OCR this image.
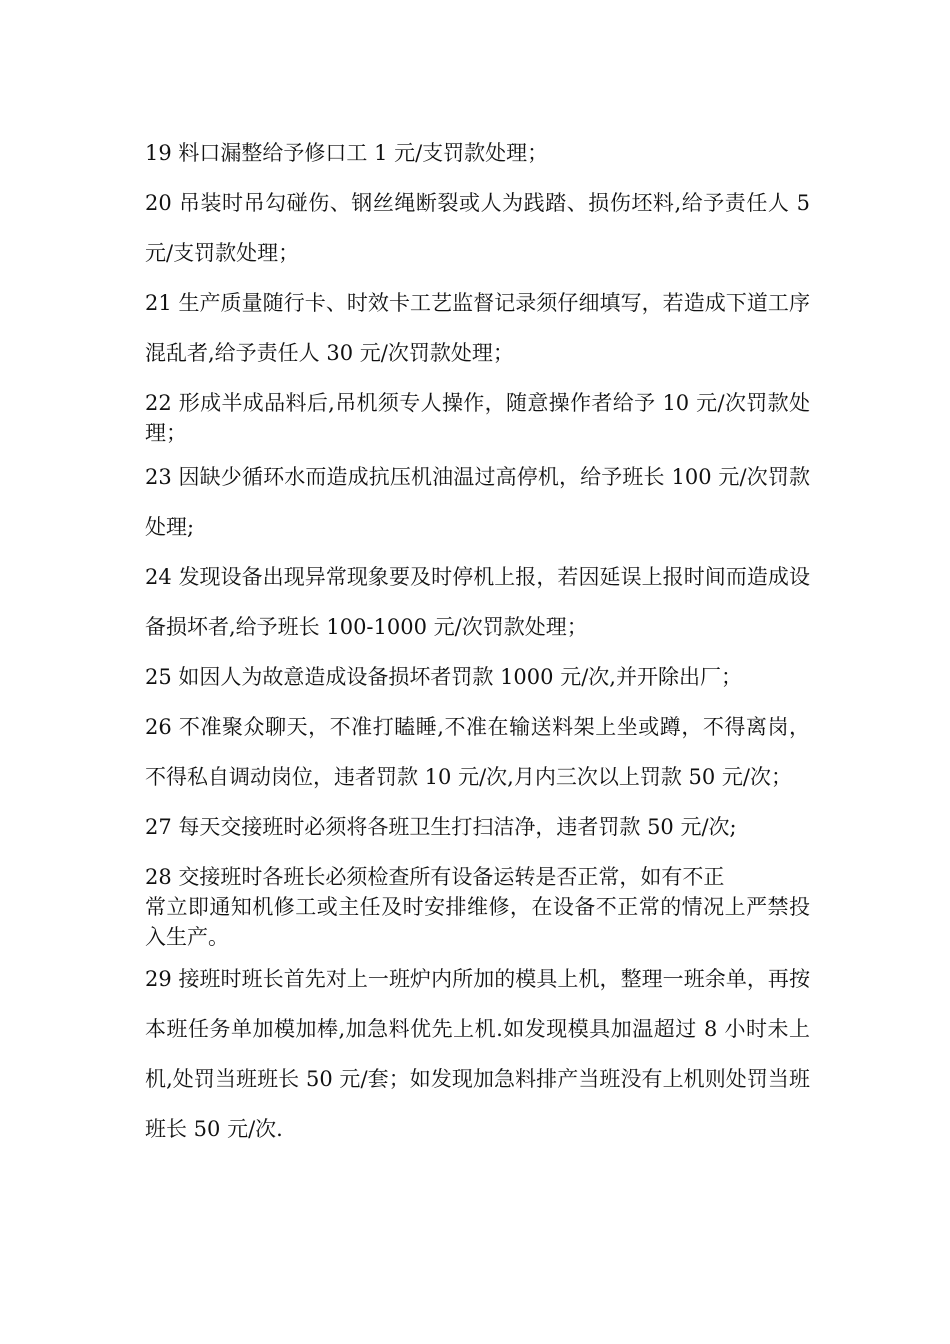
19 料口漏整给予修口工 1 元/支罚款处理；

20 吊装时吊勾碰伤、钢丝绳断裂或人为践踏、损伤坯料,给予责任人 5 元/支罚款处理；

21 生产质量随行卡、时效卡工艺监督记录须仔细填写，若造成下道工序混乱者,给予责任人 30 元/次罚款处理；

22 形成半成品料后,吊机须专人操作，随意操作者给予 10 元/次罚款处理；

23 因缺少循环水而造成抗压机油温过高停机，给予班长 100 元/次罚款处理;

24 发现设备出现异常现象要及时停机上报，若因延误上报时间而造成设备损坏者,给予班长 100-1000 元/次罚款处理；

25 如因人为故意造成设备损坏者罚款 1000 元/次,并开除出厂；

26 不准聚众聊天，不准打瞌睡,不准在输送料架上坐或蹲，不得离岗，不得私自调动岗位，违者罚款 10 元/次,月内三次以上罚款 50 元/次；

27 每天交接班时必须将各班卫生打扫洁净，违者罚款 50 元/次;

28 交接班时各班长必须检查所有设备运转是否正常，如有不正

常立即通知机修工或主任及时安排维修，在设备不正常的情况上严禁投入生产。

29 接班时班长首先对上一班炉内所加的模具上机，整理一班余单，再按本班任务单加模加棒,加急料优先上机.如发现模具加温超过 8 小时未上机,处罚当班班长 50 元/套；如发现加急料排产当班没有上机则处罚当班班长 50 元/次.
